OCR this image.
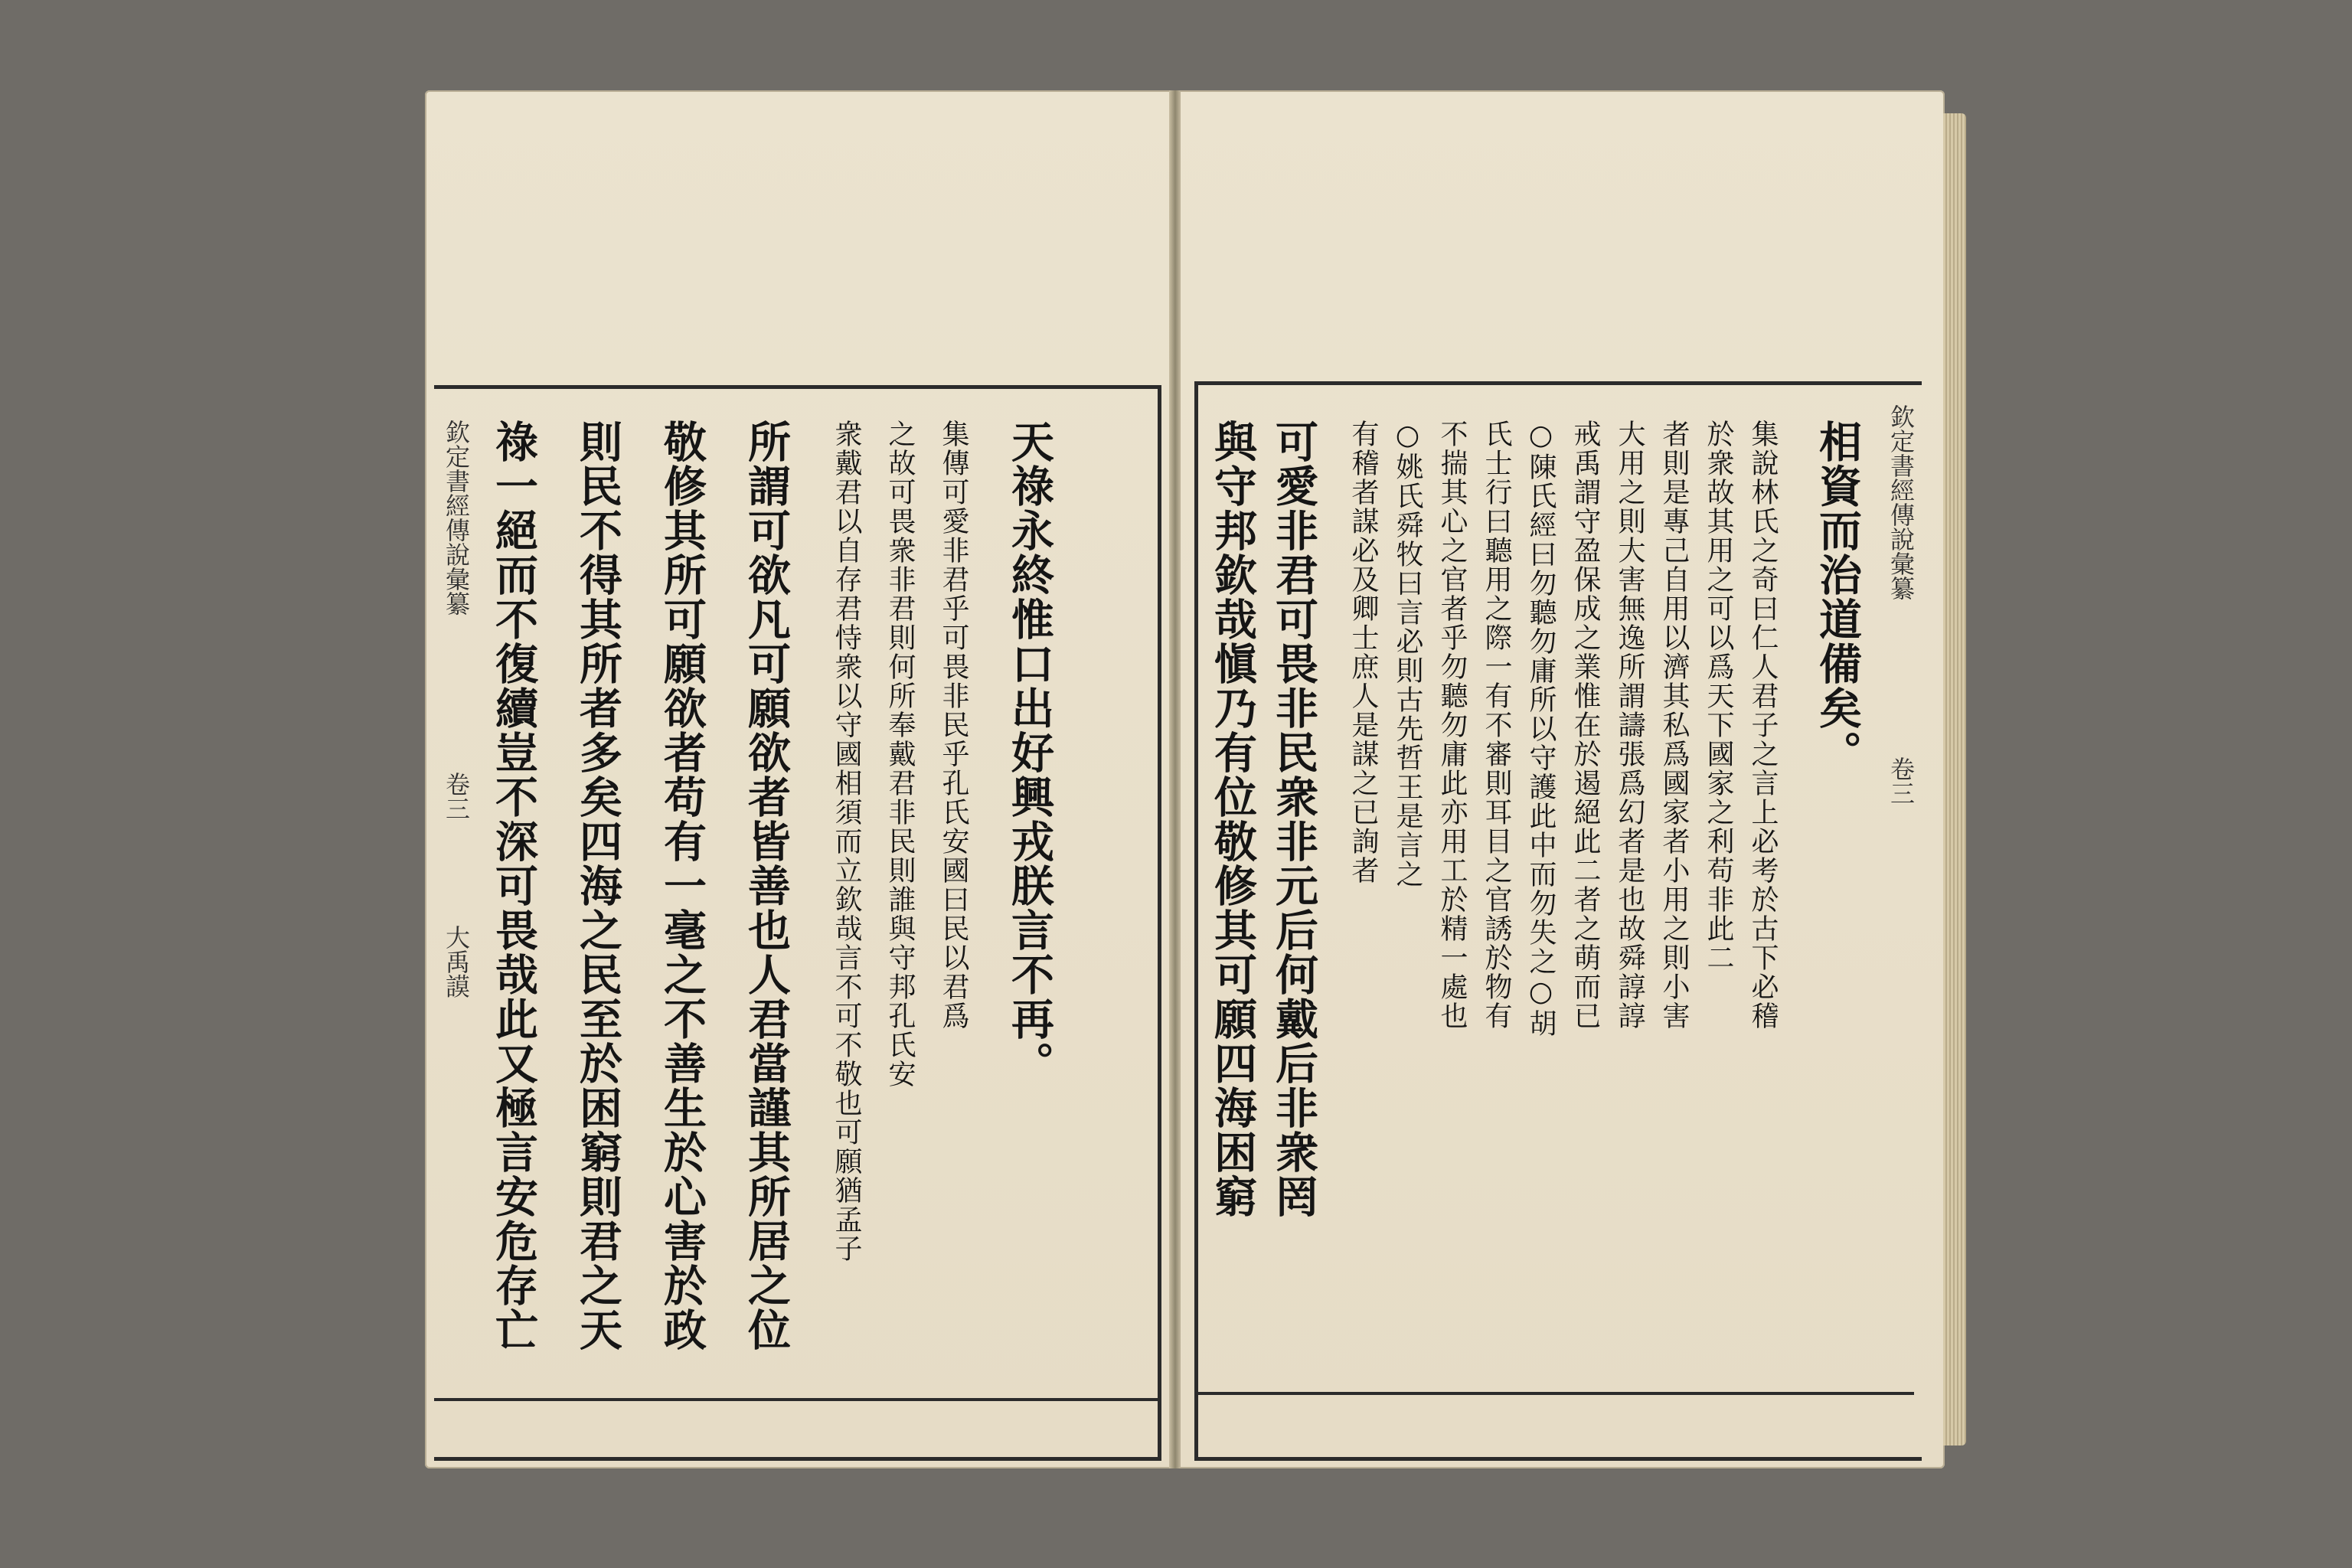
欽定書經傳說彙纂
卷三
大禹謨 祿一絕而不復續豈不深可畏哉此又極言安危存亡 則民不得其所者多矣四海之民至於困窮則君之天 敬修其所可願欲者苟有一毫之不善生於心害於政 所謂可欲凡可願欲者皆善也人君當謹其所居之位 衆戴君以自存君恃衆以守國相須而立欽哉言不可不敬也可願猶孟子 之故可畏衆非君則何所奉戴君非民則誰與守邦孔氏安 集傳可愛非君乎可畏非民乎孔氏安國曰民以君爲 天祿永終惟口出好興戎朕言不再。	欽定書經傳說彙纂
卷三
與守邦欽哉愼乃有位敬修其可願四海困窮 可愛非君可畏非民衆非元后何戴后非衆罔 有稽者謀必及卿士庶人是謀之已詢者 ○姚氏舜牧曰言必則古先哲王是言之 不揣其心之官者乎勿聽勿庸此亦用工於精一處也 氏士行曰聽用之際一有不審則耳目之官誘於物有 ○陳氏經曰勿聽勿庸所以守護此中而勿失之○胡 戒禹謂守盈保成之業惟在於遏絕此二者之萌而已 大用之則大害無逸所謂譸張爲幻者是也故舜諄諄 者則是專己自用以濟其私爲國家者小用之則小害 於衆故其用之可以爲天下國家之利苟非此二 集說林氏之奇曰仁人君子之言上必考於古下必稽 相資而治道備矣。
